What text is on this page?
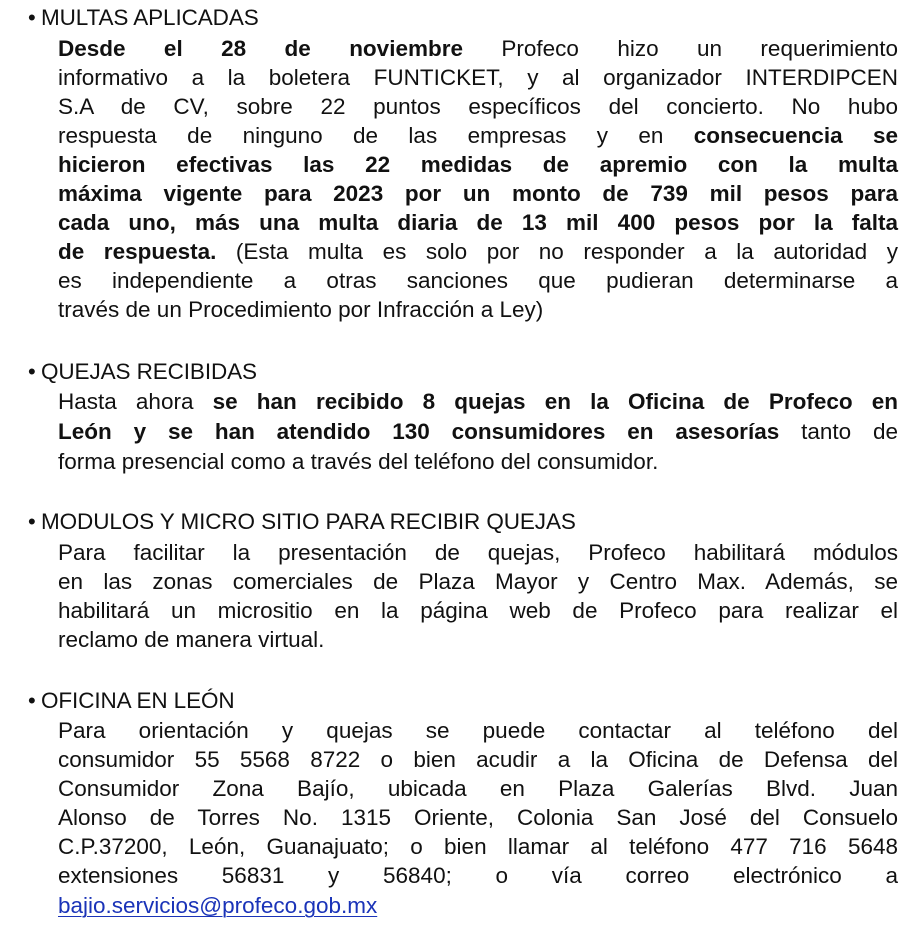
• MULTAS APLICADAS
Desde el 28 de noviembre Profeco hizo un requerimiento
informativo a la boletera FUNTICKET, y al organizador INTERDIPCEN
S.A de CV, sobre 22 puntos específicos del concierto. No hubo
respuesta de ninguno de las empresas y en consecuencia se
hicieron efectivas las 22 medidas de apremio con la multa
máxima vigente para 2023 por un monto de 739 mil pesos para
cada uno, más una multa diaria de 13 mil 400 pesos por la falta
de respuesta. (Esta multa es solo por no responder a la autoridad y
es independiente a otras sanciones que pudieran determinarse a
través de un Procedimiento por Infracción a Ley)
• QUEJAS RECIBIDAS
Hasta ahora se han recibido 8 quejas en la Oficina de Profeco en
León y se han atendido 130 consumidores en asesorías tanto de
forma presencial como a través del teléfono del consumidor.
• MODULOS Y MICRO SITIO PARA RECIBIR QUEJAS
Para facilitar la presentación de quejas, Profeco habilitará módulos
en las zonas comerciales de Plaza Mayor y Centro Max. Además, se
habilitará un micrositio en la página web de Profeco para realizar el
reclamo de manera virtual.
• OFICINA EN LEÓN
Para orientación y quejas se puede contactar al teléfono del
consumidor 55 5568 8722 o bien acudir a la Oficina de Defensa del
Consumidor Zona Bajío, ubicada en Plaza Galerías Blvd. Juan
Alonso de Torres No. 1315 Oriente, Colonia San José del Consuelo
C.P.37200, León, Guanajuato; o bien llamar al teléfono 477 716 5648
extensiones 56831 y 56840; o vía correo electrónico a
bajio.servicios@profeco.gob.mx
